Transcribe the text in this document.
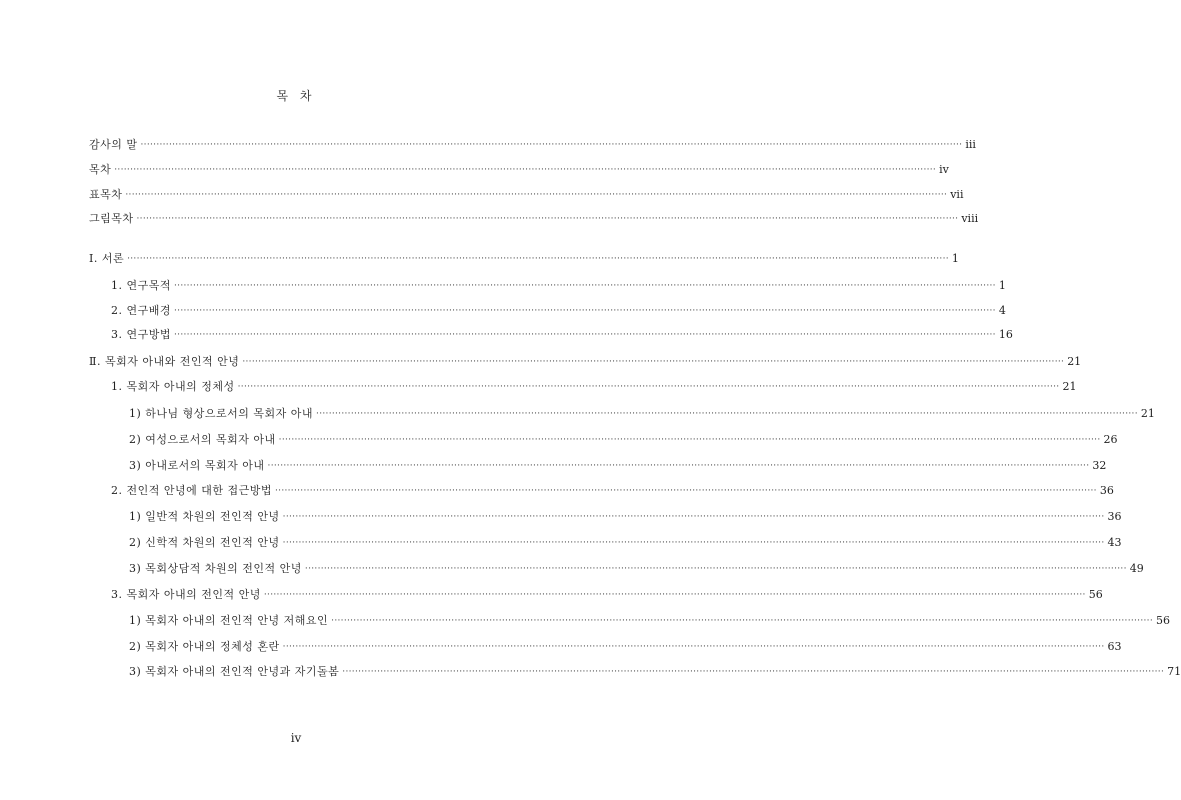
목 차
감사의 말 ···································································································································································································································································· iii
목차 ···································································································································································································································································· iv
표목차 ···································································································································································································································································· vii
그림목차 ···································································································································································································································································· viii
Ⅰ. 서론 ···································································································································································································································································· 1
1. 연구목적 ···································································································································································································································································· 1
2. 연구배경 ···································································································································································································································································· 4
3. 연구방법 ···································································································································································································································································· 16
Ⅱ. 목회자 아내와 전인적 안녕 ···································································································································································································································································· 21
1. 목회자 아내의 정체성 ···································································································································································································································································· 21
1) 하나님 형상으로서의 목회자 아내 ···································································································································································································································································· 21
2) 여성으로서의 목회자 아내 ···································································································································································································································································· 26
3) 아내로서의 목회자 아내 ···································································································································································································································································· 32
2. 전인적 안녕에 대한 접근방법 ···································································································································································································································································· 36
1) 일반적 차원의 전인적 안녕 ···································································································································································································································································· 36
2) 신학적 차원의 전인적 안녕 ···································································································································································································································································· 43
3) 목회상담적 차원의 전인적 안녕 ···································································································································································································································································· 49
3. 목회자 아내의 전인적 안녕 ···································································································································································································································································· 56
1) 목회자 아내의 전인적 안녕 저해요인 ···································································································································································································································································· 56
2) 목회자 아내의 정체성 혼란 ···································································································································································································································································· 63
3) 목회자 아내의 전인적 안녕과 자기돌봄 ···································································································································································································································································· 71
iv
